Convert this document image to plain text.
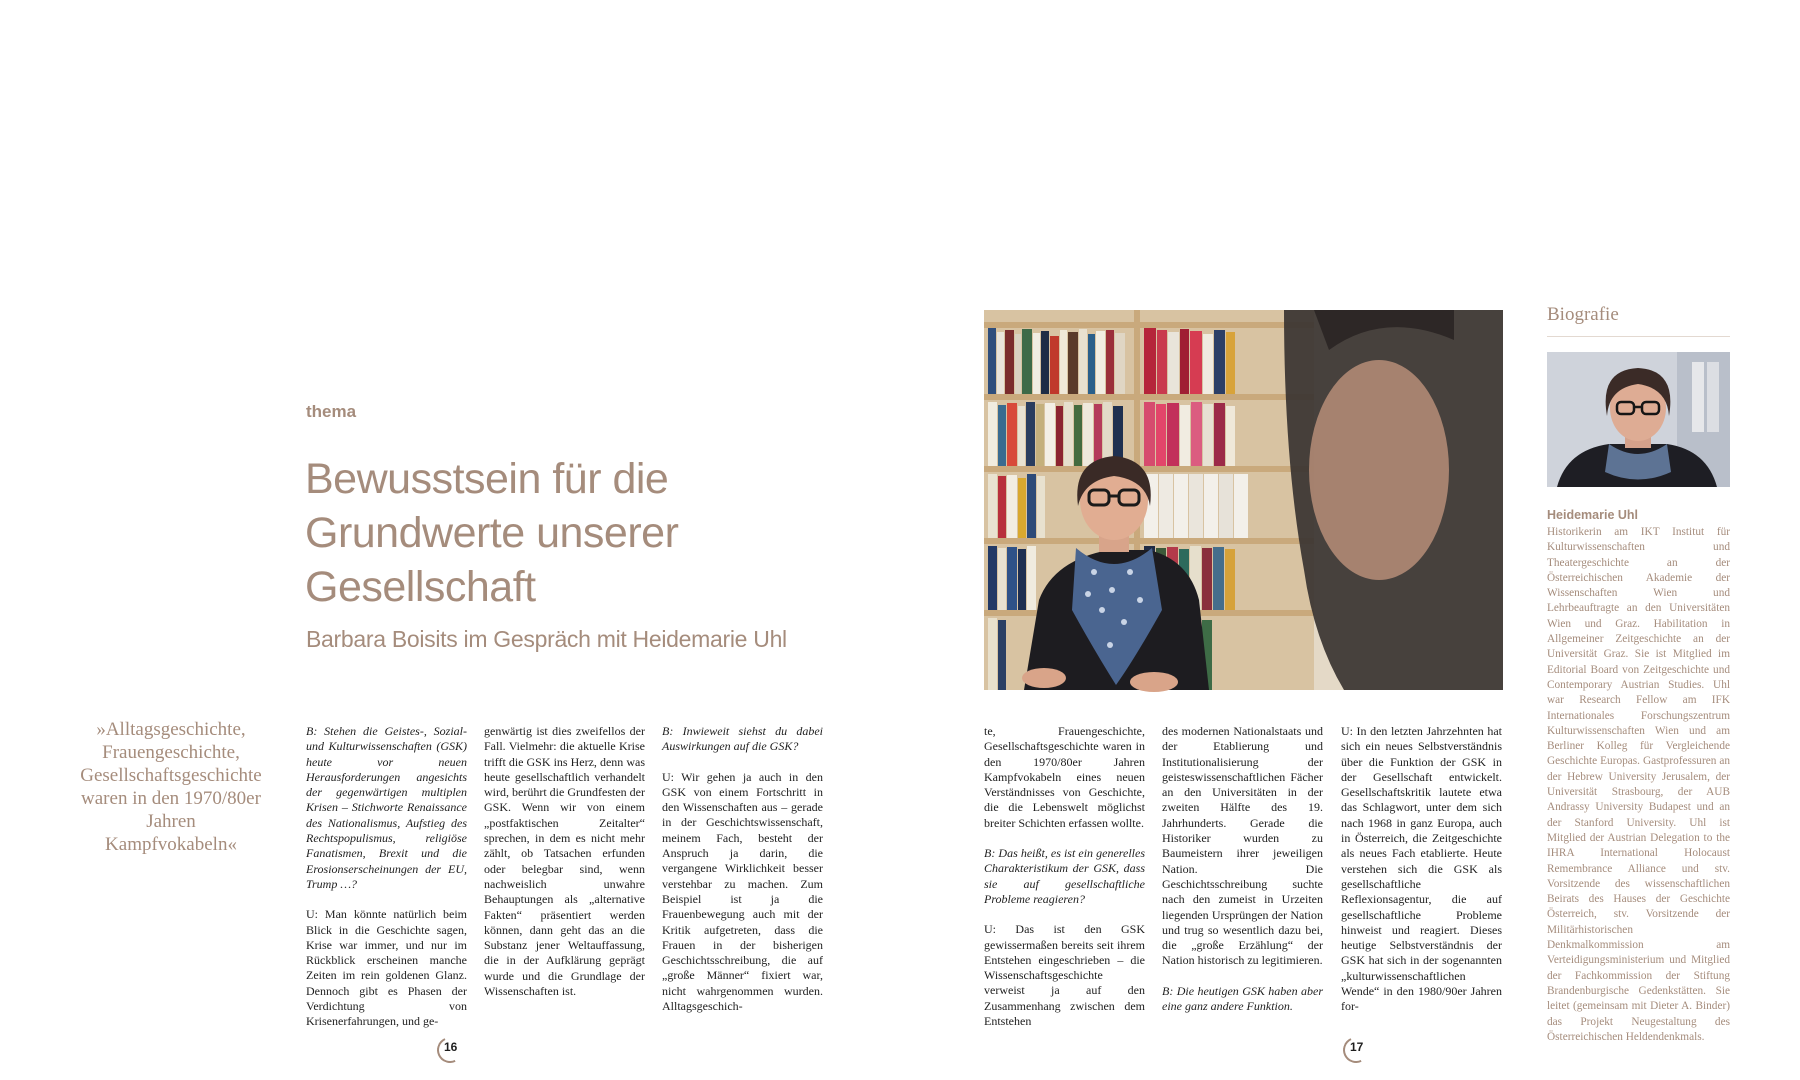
thema
Bewusstsein für die Grundwerte unserer Gesellschaft
Barbara Boisits im Gespräch mit Heidemarie Uhl
»Alltagsgeschichte, Frauengeschichte, Gesellschaftsgeschichte waren in den 1970/80er Jahren Kampfvokabeln«

B: Stehen die Geistes-, Sozial- und Kulturwissenschaften (GSK) heute vor neuen Herausforderungen angesichts der gegenwärtigen multiplen Krisen – Stichworte Renaissance des Nationalismus, Aufstieg des Rechtspopulismus, religiöse Fanatismen, Brexit und die Erosionserscheinungen der EU, Trump …?

U: Man könnte natürlich beim Blick in die Geschichte sagen, Krise war immer, und nur im Rückblick erscheinen manche Zeiten im rein goldenen Glanz. Dennoch gibt es Phasen der Verdichtung von Krisenerfahrungen, und ge-

genwärtig ist dies zweifellos der Fall. Vielmehr: die aktuelle Krise trifft die GSK ins Herz, denn was heute gesellschaftlich verhandelt wird, berührt die Grundfesten der GSK. Wenn wir von einem „postfaktischen Zeitalter“ sprechen, in dem es nicht mehr zählt, ob Tatsachen erfunden oder belegbar sind, wenn nachweislich unwahre Behauptungen als „alternative Fakten“ präsentiert werden können, dann geht das an die Substanz jener Weltauffassung, die in der Aufklärung geprägt wurde und die Grundlage der Wissenschaften ist.

B: Inwieweit siehst du dabei Auswirkungen auf die GSK?

U: Wir gehen ja auch in den GSK von einem Fortschritt in den Wissenschaften aus – gerade in der Geschichtswissenschaft, meinem Fach, besteht der Anspruch ja darin, die vergangene Wirklichkeit besser verstehbar zu machen. Zum Beispiel ist ja die Frauenbewegung auch mit der Kritik aufgetreten, dass die Frauen in der bisherigen Geschichtsschreibung, die auf „große Männer“ fixiert war, nicht wahrgenommen wurden. Alltagsgeschich-

16

te, Frauengeschichte, Gesellschaftsgeschichte waren in den 1970/80er Jahren Kampfvokabeln eines neuen Verständnisses von Geschichte, die die Lebenswelt möglichst breiter Schichten erfassen wollte.

B: Das heißt, es ist ein generelles Charakteristikum der GSK, dass sie auf gesellschaftliche Probleme reagieren?

U: Das ist den GSK gewissermaßen bereits seit ihrem Entstehen eingeschrieben – die Wissenschaftsgeschichte verweist ja auf den Zusammenhang zwischen dem Entstehen

des modernen Nationalstaats und der Etablierung und Institutionalisierung der geisteswissenschaftlichen Fächer an den Universitäten in der zweiten Hälfte des 19. Jahrhunderts. Gerade die Historiker wurden zu Baumeistern ihrer jeweiligen Nation. Die Geschichtsschreibung suchte nach den zumeist in Urzeiten liegenden Ursprüngen der Nation und trug so wesentlich dazu bei, die „große Erzählung“ der Nation historisch zu legitimieren.

B: Die heutigen GSK haben aber eine ganz andere Funktion.

U: In den letzten Jahrzehnten hat sich ein neues Selbstverständnis über die Funktion der GSK in der Gesellschaft entwickelt. Gesellschaftskritik lautete etwa das Schlagwort, unter dem sich nach 1968 in ganz Europa, auch in Österreich, die Zeitgeschichte als neues Fach etablierte. Heute verstehen sich die GSK als gesellschaftliche Reflexionsagentur, die auf gesellschaftliche Probleme hinweist und reagiert. Dieses heutige Selbstverständnis der GSK hat sich in der sogenannten „kulturwissenschaftlichen Wende“ in den 1980/90er Jahren for-

17
Biografie
Heidemarie Uhl
Historikerin am IKT Institut für Kulturwissenschaften und Theatergeschichte an der Österreichischen Akademie der Wissenschaften Wien und Lehrbeauftragte an den Universitäten Wien und Graz. Habilitation in Allgemeiner Zeitgeschichte an der Universität Graz. Sie ist Mitglied im Editorial Board von Zeitgeschichte und Contemporary Austrian Studies. Uhl war Research Fellow am IFK Internationales Forschungszentrum Kulturwissenschaften Wien und am Berliner Kolleg für Vergleichende Geschichte Europas. Gastprofessuren an der Hebrew University Jerusalem, der Universität Strasbourg, der AUB Andrassy University Budapest und an der Stanford University. Uhl ist Mitglied der Austrian Delegation to the IHRA International Holocaust Remembrance Alliance und stv. Vorsitzende des wissenschaftlichen Beirats des Hauses der Geschichte Österreich, stv. Vorsitzende der Militärhistorischen Denkmalkommission am Verteidigungsministerium und Mitglied der Fachkommission der Stiftung Brandenburgische Gedenkstätten. Sie leitet (gemeinsam mit Dieter A. Binder) das Projekt Neugestaltung des Österreichischen Heldendenkmals.
